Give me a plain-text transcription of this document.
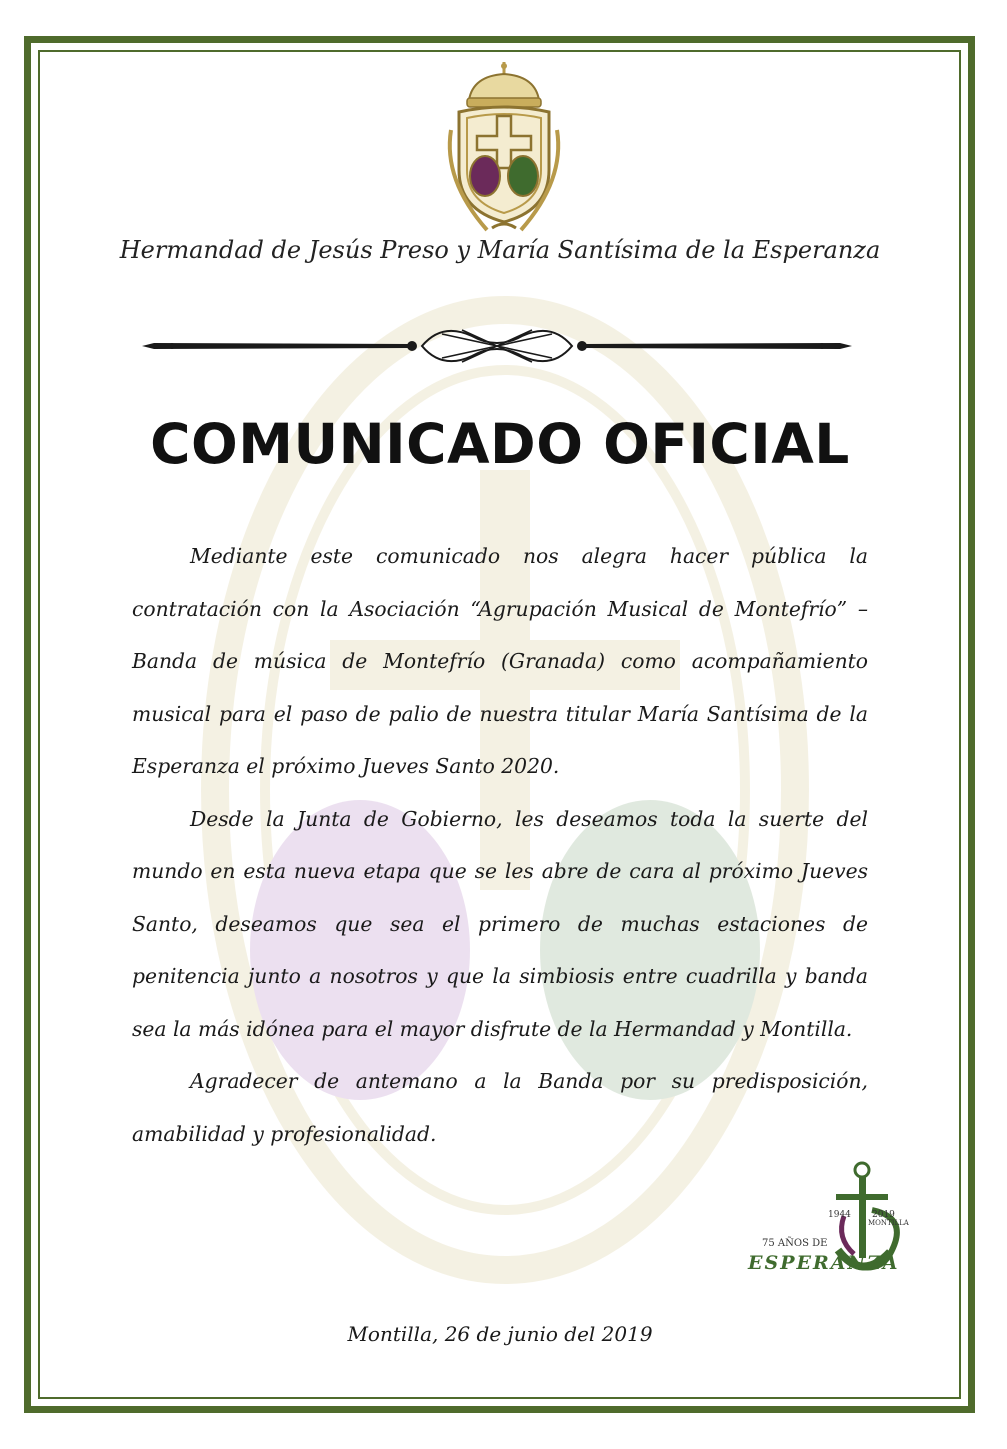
Hermandad de Jesús Preso y María Santísima de la Esperanza
COMUNICADO OFICIAL

Mediante este comunicado nos alegra hacer pública la contratación con la Asociación “Agrupación Musical de Montefrío” – Banda de música de Montefrío (Granada) como acompañamiento musical para el paso de palio de nuestra titular María Santísima de la Esperanza el próximo Jueves Santo 2020.

Desde la Junta de Gobierno, les deseamos toda la suerte del mundo en esta nueva etapa que se les abre de cara al próximo Jueves Santo, deseamos que sea el primero de muchas estaciones de penitencia junto a nosotros y que la simbiosis entre cuadrilla y banda sea la más idónea para el mayor disfrute de la Hermandad y Montilla.

Agradecer de antemano a la Banda por su predisposición, amabilidad y profesionalidad.

1944 2019
MONTILLA
75 AÑOS DE
ESPERANZA
Montilla, 26 de junio del 2019
